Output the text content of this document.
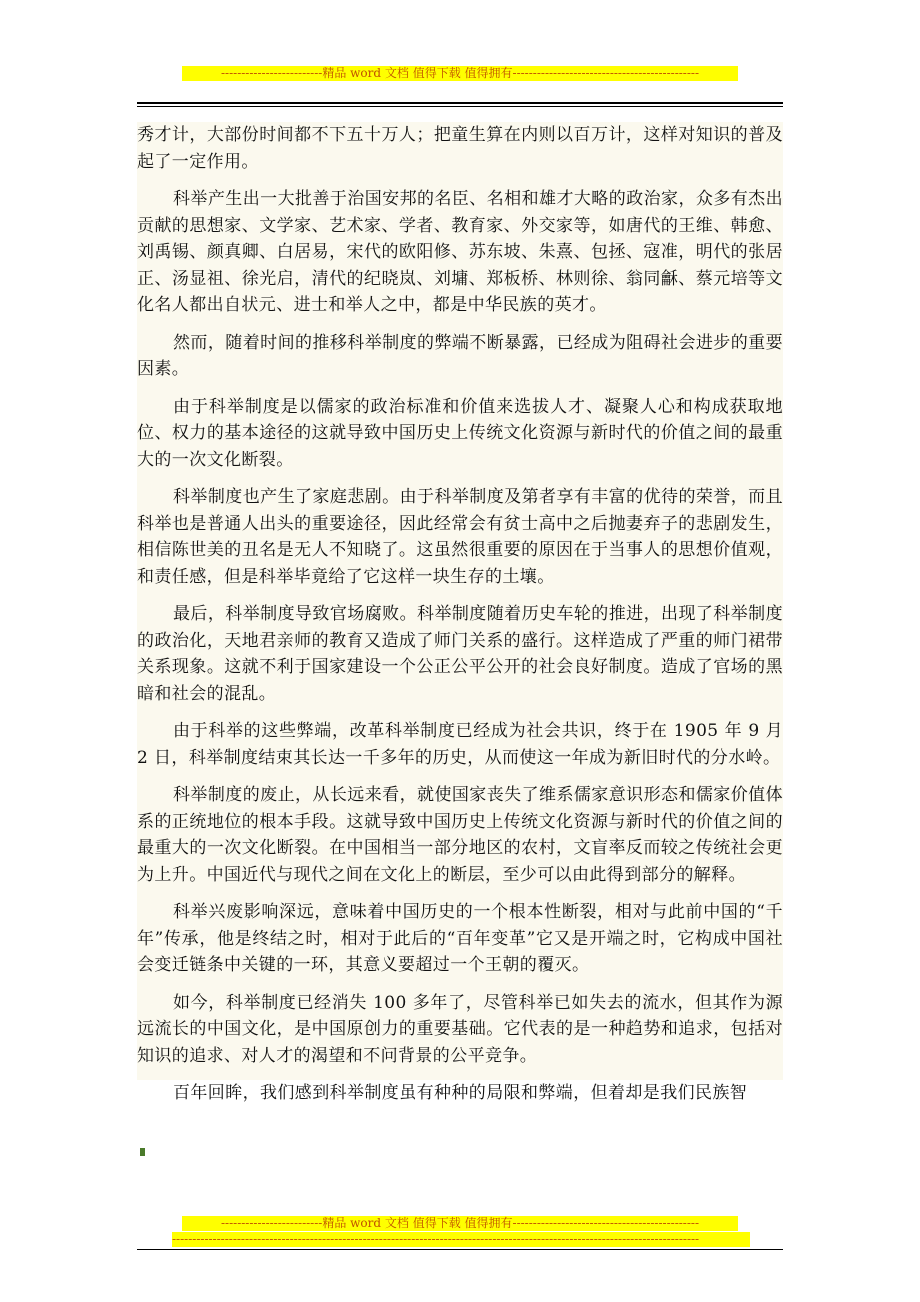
-------------------------精品 word 文档 值得下载 值得拥有----------------------------------------------

秀才计，大部份时间都不下五十万人；把童生算在内则以百万计，这样对知识的普及起了一定作用。

科举产生出一大批善于治国安邦的名臣、名相和雄才大略的政治家，众多有杰出贡献的思想家、文学家、艺术家、学者、教育家、外交家等，如唐代的王维、韩愈、刘禹锡、颜真卿、白居易，宋代的欧阳修、苏东坡、朱熹、包拯、寇准，明代的张居正、汤显祖、徐光启，清代的纪晓岚、刘墉、郑板桥、林则徐、翁同龢、蔡元培等文化名人都出自状元、进士和举人之中，都是中华民族的英才。

然而，随着时间的推移科举制度的弊端不断暴露，已经成为阻碍社会进步的重要因素。

由于科举制度是以儒家的政治标准和价值来选拔人才、凝聚人心和构成获取地位、权力的基本途径的这就导致中国历史上传统文化资源与新时代的价值之间的最重大的一次文化断裂。

科举制度也产生了家庭悲剧。由于科举制度及第者享有丰富的优待的荣誉，而且科举也是普通人出头的重要途径，因此经常会有贫士高中之后抛妻弃子的悲剧发生，相信陈世美的丑名是无人不知晓了。这虽然很重要的原因在于当事人的思想价值观，和责任感，但是科举毕竟给了它这样一块生存的土壤。

最后，科举制度导致官场腐败。科举制度随着历史车轮的推进，出现了科举制度的政治化，天地君亲师的教育又造成了师门关系的盛行。这样造成了严重的师门裙带关系现象。这就不利于国家建设一个公正公平公开的社会良好制度。造成了官场的黑暗和社会的混乱。

由于科举的这些弊端，改革科举制度已经成为社会共识，终于在 1905 年 9 月 2 日，科举制度结束其长达一千多年的历史，从而使这一年成为新旧时代的分水岭。

科举制度的废止，从长远来看，就使国家丧失了维系儒家意识形态和儒家价值体系的正统地位的根本手段。这就导致中国历史上传统文化资源与新时代的价值之间的最重大的一次文化断裂。在中国相当一部分地区的农村，文盲率反而较之传统社会更为上升。中国近代与现代之间在文化上的断层，至少可以由此得到部分的解释。

科举兴废影响深远，意味着中国历史的一个根本性断裂，相对与此前中国的“千年”传承，他是终结之时，相对于此后的“百年变革”它又是开端之时，它构成中国社会变迁链条中关键的一环，其意义要超过一个王朝的覆灭。

如今，科举制度已经消失 100 多年了，尽管科举已如失去的流水，但其作为源远流长的中国文化，是中国原创力的重要基础。它代表的是一种趋势和追求，包括对知识的追求、对人才的渴望和不问背景的公平竞争。

百年回眸，我们感到科举制度虽有种种的局限和弊端，但着却是我们民族智

-------------------------精品 word 文档 值得下载 值得拥有----------------------------------------------
----------------------------------------------------------------------------------------------------------------------------------
